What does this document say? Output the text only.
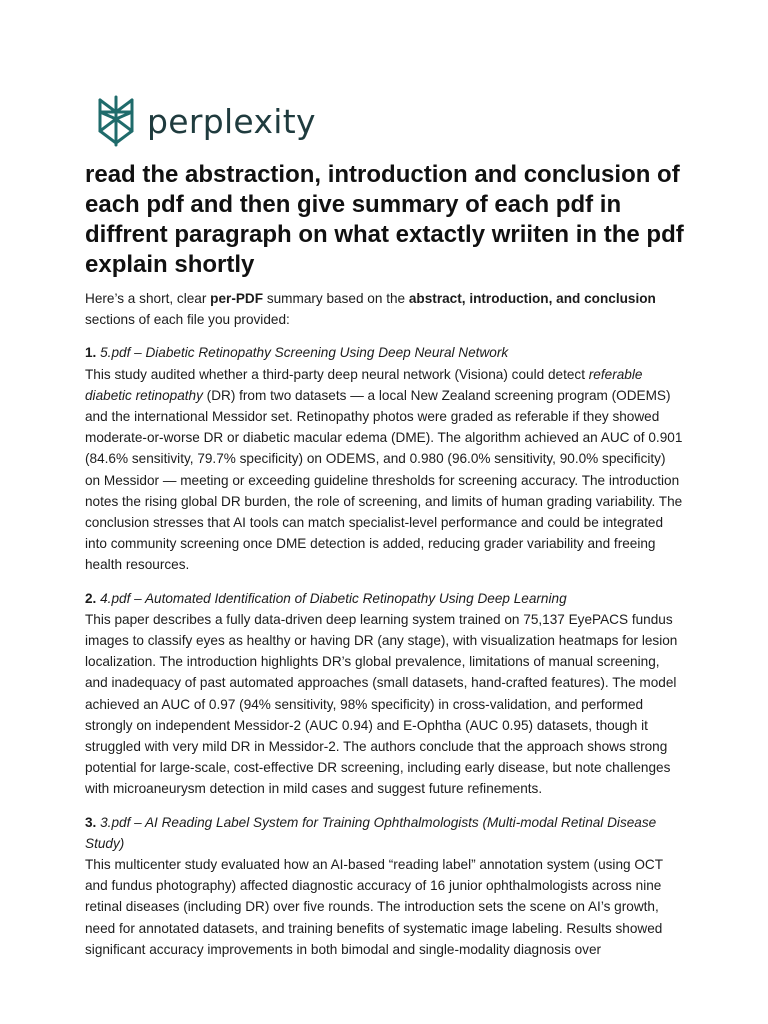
perplexity
read the abstraction, introduction and conclusion of each pdf and then give summary of each pdf in diffrent paragraph on what extactly wriiten in the pdf explain shortly

Here’s a short, clear per-PDF summary based on the abstract, introduction, and conclusion sections of each file you provided:

1. 5.pdf – Diabetic Retinopathy Screening Using Deep Neural Network

This study audited whether a third-party deep neural network (Visiona) could detect referable diabetic retinopathy (DR) from two datasets — a local New Zealand screening program (ODEMS) and the international Messidor set. Retinopathy photos were graded as referable if they showed moderate-or-worse DR or diabetic macular edema (DME). The algorithm achieved an AUC of 0.901 (84.6% sensitivity, 79.7% specificity) on ODEMS, and 0.980 (96.0% sensitivity, 90.0% specificity) on Messidor — meeting or exceeding guideline thresholds for screening accuracy. The introduction notes the rising global DR burden, the role of screening, and limits of human grading variability. The conclusion stresses that AI tools can match specialist-level performance and could be integrated into community screening once DME detection is added, reducing grader variability and freeing health resources.

2. 4.pdf – Automated Identification of Diabetic Retinopathy Using Deep Learning

This paper describes a fully data-driven deep learning system trained on 75,137 EyePACS fundus images to classify eyes as healthy or having DR (any stage), with visualization heatmaps for lesion localization. The introduction highlights DR’s global prevalence, limitations of manual screening, and inadequacy of past automated approaches (small datasets, hand-crafted features). The model achieved an AUC of 0.97 (94% sensitivity, 98% specificity) in cross-validation, and performed strongly on independent Messidor-2 (AUC 0.94) and E-Ophtha (AUC 0.95) datasets, though it struggled with very mild DR in Messidor-2. The authors conclude that the approach shows strong potential for large-scale, cost-effective DR screening, including early disease, but note challenges with microaneurysm detection in mild cases and suggest future refinements.

3. 3.pdf – AI Reading Label System for Training Ophthalmologists (Multi-modal Retinal Disease Study)

This multicenter study evaluated how an AI-based “reading label” annotation system (using OCT and fundus photography) affected diagnostic accuracy of 16 junior ophthalmologists across nine retinal diseases (including DR) over five rounds. The introduction sets the scene on AI’s growth, need for annotated datasets, and training benefits of systematic image labeling. Results showed significant accuracy improvements in both bimodal and single-modality diagnosis over
